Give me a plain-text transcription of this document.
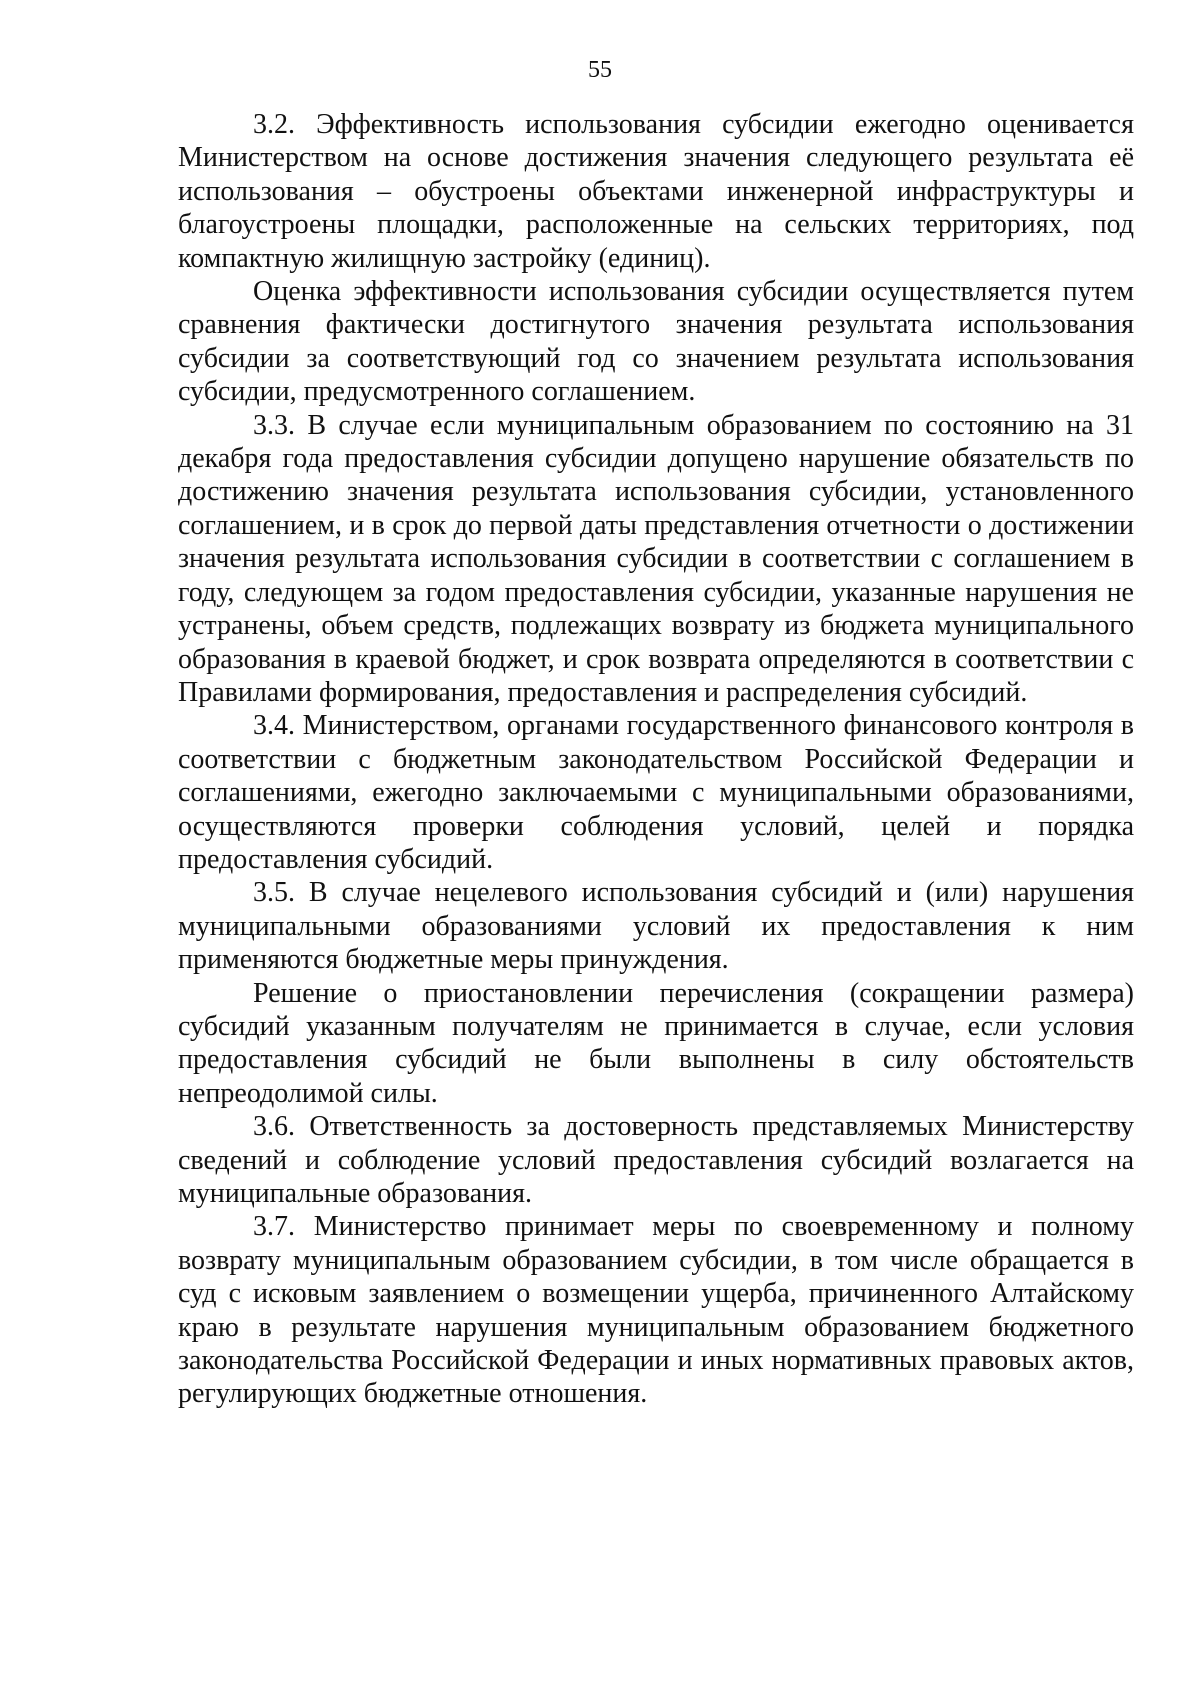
55

3.2. Эффективность использования субсидии ежегодно оценивается Министерством на основе достижения значения следующего результата её использования – обустроены объектами инженерной инфраструктуры и благоустроены площадки, расположенные на сельских территориях, под компактную жилищную застройку (единиц).

Оценка эффективности использования субсидии осуществляется путем сравнения фактически достигнутого значения результата использования субсидии за соответствующий год со значением результата использования субсидии, предусмотренного соглашением.

3.3. В случае если муниципальным образованием по состоянию на 31 декабря года предоставления субсидии допущено нарушение обязательств по достижению значения результата использования субсидии, установленного соглашением, и в срок до первой даты представления отчетности о достижении значения результата использования субсидии в соответствии с соглашением в году, следующем за годом предоставления субсидии, указанные нарушения не устранены, объем средств, подлежащих возврату из бюджета муниципального образования в краевой бюджет, и срок возврата определяются в соответствии с Правилами формирования, предоставления и распределения субсидий.

3.4. Министерством, органами государственного финансового контроля в соответствии с бюджетным законодательством Российской Федерации и соглашениями, ежегодно заключаемыми с муниципальными образованиями, осуществляются проверки соблюдения условий, целей и порядка предоставления субсидий.

3.5. В случае нецелевого использования субсидий и (или) нарушения муниципальными образованиями условий их предоставления к ним применяются бюджетные меры принуждения.

Решение о приостановлении перечисления (сокращении размера) субсидий указанным получателям не принимается в случае, если условия предоставления субсидий не были выполнены в силу обстоятельств непреодолимой силы.

3.6. Ответственность за достоверность представляемых Министерству сведений и соблюдение условий предоставления субсидий возлагается на муниципальные образования.

3.7. Министерство принимает меры по своевременному и полному возврату муниципальным образованием субсидии, в том числе обращается в суд с исковым заявлением о возмещении ущерба, причиненного Алтайскому краю в результате нарушения муниципальным образованием бюджетного законодательства Российской Федерации и иных нормативных правовых актов, регулирующих бюджетные отношения.
